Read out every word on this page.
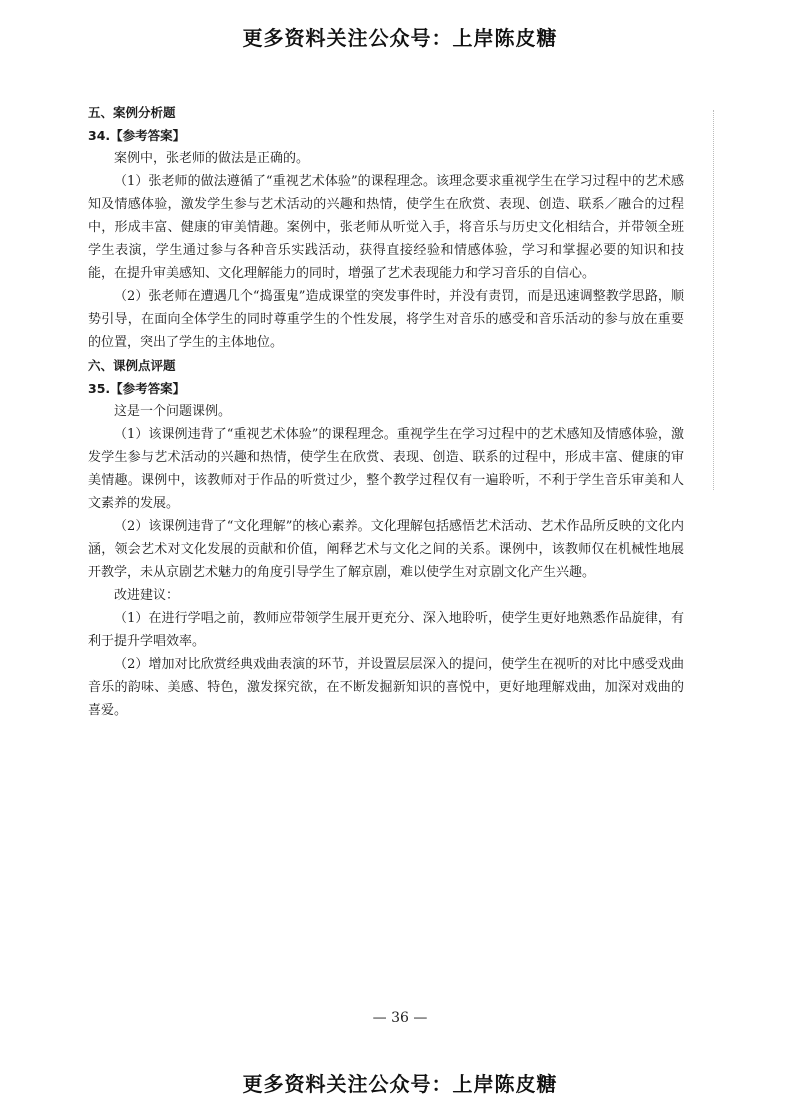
更多资料关注公众号：上岸陈皮糖

五、案例分析题

34.【参考答案】

案例中，张老师的做法是正确的。

（1）张老师的做法遵循了“重视艺术体验”的课程理念。该理念要求重视学生在学习过程中的艺术感知及情感体验，激发学生参与艺术活动的兴趣和热情，使学生在欣赏、表现、创造、联系／融合的过程中，形成丰富、健康的审美情趣。案例中，张老师从听觉入手，将音乐与历史文化相结合，并带领全班学生表演，学生通过参与各种音乐实践活动，获得直接经验和情感体验，学习和掌握必要的知识和技能，在提升审美感知、文化理解能力的同时，增强了艺术表现能力和学习音乐的自信心。

（2）张老师在遭遇几个“捣蛋鬼”造成课堂的突发事件时，并没有责罚，而是迅速调整教学思路，顺势引导，在面向全体学生的同时尊重学生的个性发展，将学生对音乐的感受和音乐活动的参与放在重要的位置，突出了学生的主体地位。

六、课例点评题

35.【参考答案】

这是一个问题课例。

（1）该课例违背了“重视艺术体验”的课程理念。重视学生在学习过程中的艺术感知及情感体验，激发学生参与艺术活动的兴趣和热情，使学生在欣赏、表现、创造、联系的过程中，形成丰富、健康的审美情趣。课例中，该教师对于作品的听赏过少，整个教学过程仅有一遍聆听，不利于学生音乐审美和人文素养的发展。

（2）该课例违背了“文化理解”的核心素养。文化理解包括感悟艺术活动、艺术作品所反映的文化内涵，领会艺术对文化发展的贡献和价值，阐释艺术与文化之间的关系。课例中，该教师仅在机械性地展开教学，未从京剧艺术魅力的角度引导学生了解京剧，难以使学生对京剧文化产生兴趣。

改进建议：

（1）在进行学唱之前，教师应带领学生展开更充分、深入地聆听，使学生更好地熟悉作品旋律，有利于提升学唱效率。

（2）增加对比欣赏经典戏曲表演的环节，并设置层层深入的提问，使学生在视听的对比中感受戏曲音乐的韵味、美感、特色，激发探究欲，在不断发掘新知识的喜悦中，更好地理解戏曲，加深对戏曲的喜爱。

— 36 —
更多资料关注公众号：上岸陈皮糖
